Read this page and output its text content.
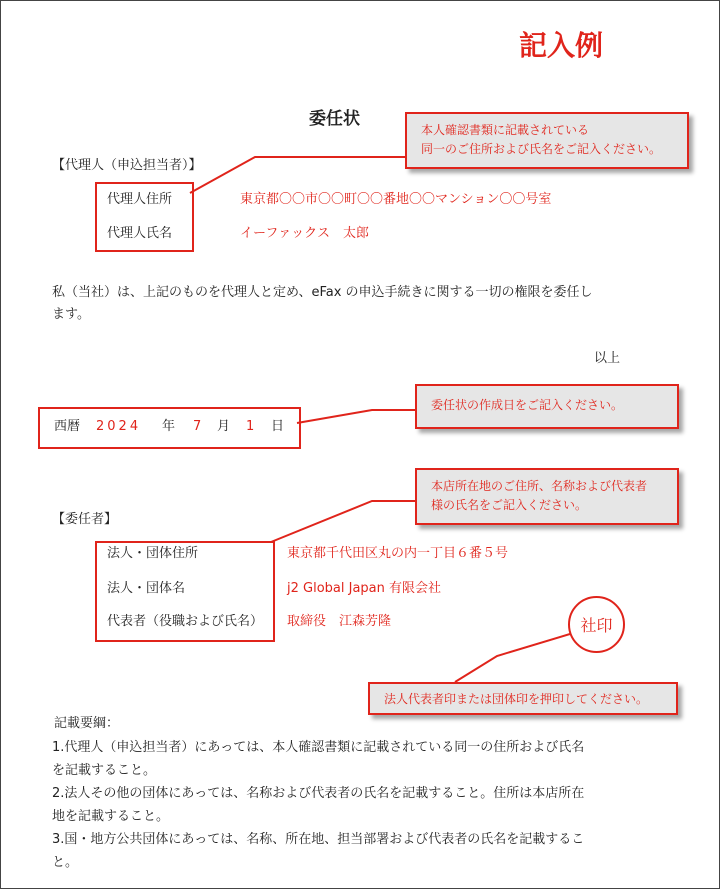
記入例
委任状
【代理人（申込担当者）】
代理人住所
代理人氏名
東京都〇〇市〇〇町〇〇番地〇〇マンション〇〇号室
イーファックス　太郎
本人確認書類に記載されている
同一のご住所および氏名をご記入ください。
私（当社）は、上記のものを代理人と定め、eFax の申込手続きに関する一切の権限を委任し
ます。
以上
西暦 2024 年 7 月 1 日
委任状の作成日をご記入ください。
本店所在地のご住所、名称および代表者
様の氏名をご記入ください。
【委任者】
法人・団体住所
法人・団体名
代表者（役職および氏名）
東京都千代田区丸の内一丁目６番５号
j2 Global Japan 有限会社
取締役　江森芳隆	社印
法人代表者印または団体印を押印してください。
記載要綱：
1.代理人（申込担当者）にあっては、本人確認書類に記載されている同一の住所および氏名
を記載すること。
2.法人その他の団体にあっては、名称および代表者の氏名を記載すること。住所は本店所在
地を記載すること。
3.国・地方公共団体にあっては、名称、所在地、担当部署および代表者の氏名を記載するこ
と。
